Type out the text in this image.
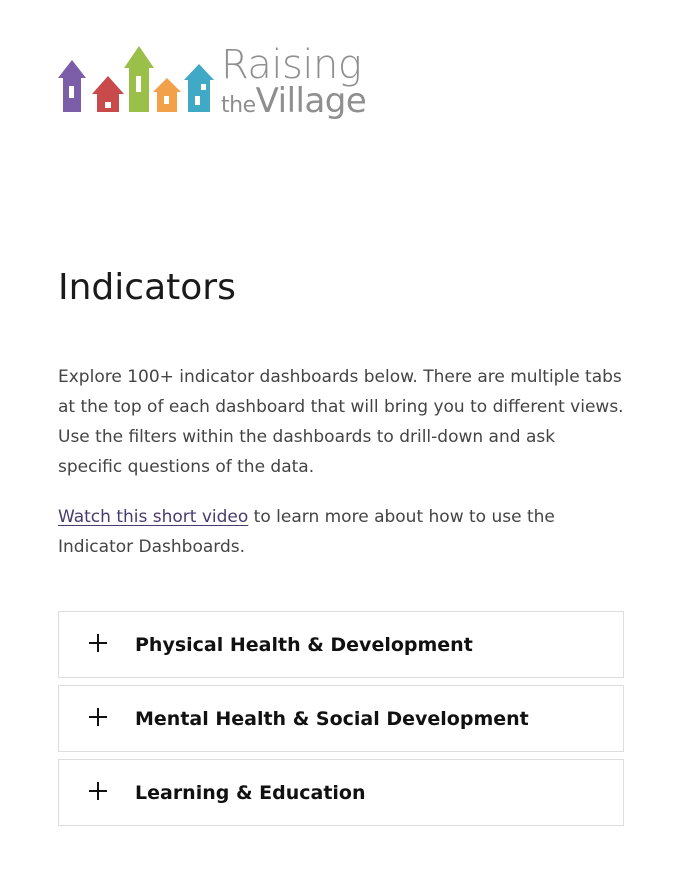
Raising
theVillage
Indicators

Explore 100+ indicator dashboards below. There are multiple tabs at the top of each dashboard that will bring you to different views. Use the filters within the dashboards to drill-down and ask specific questions of the data.

Watch this short video to learn more about how to use the Indicator Dashboards.

Physical Health & Development
Mental Health & Social Development
Learning & Education
